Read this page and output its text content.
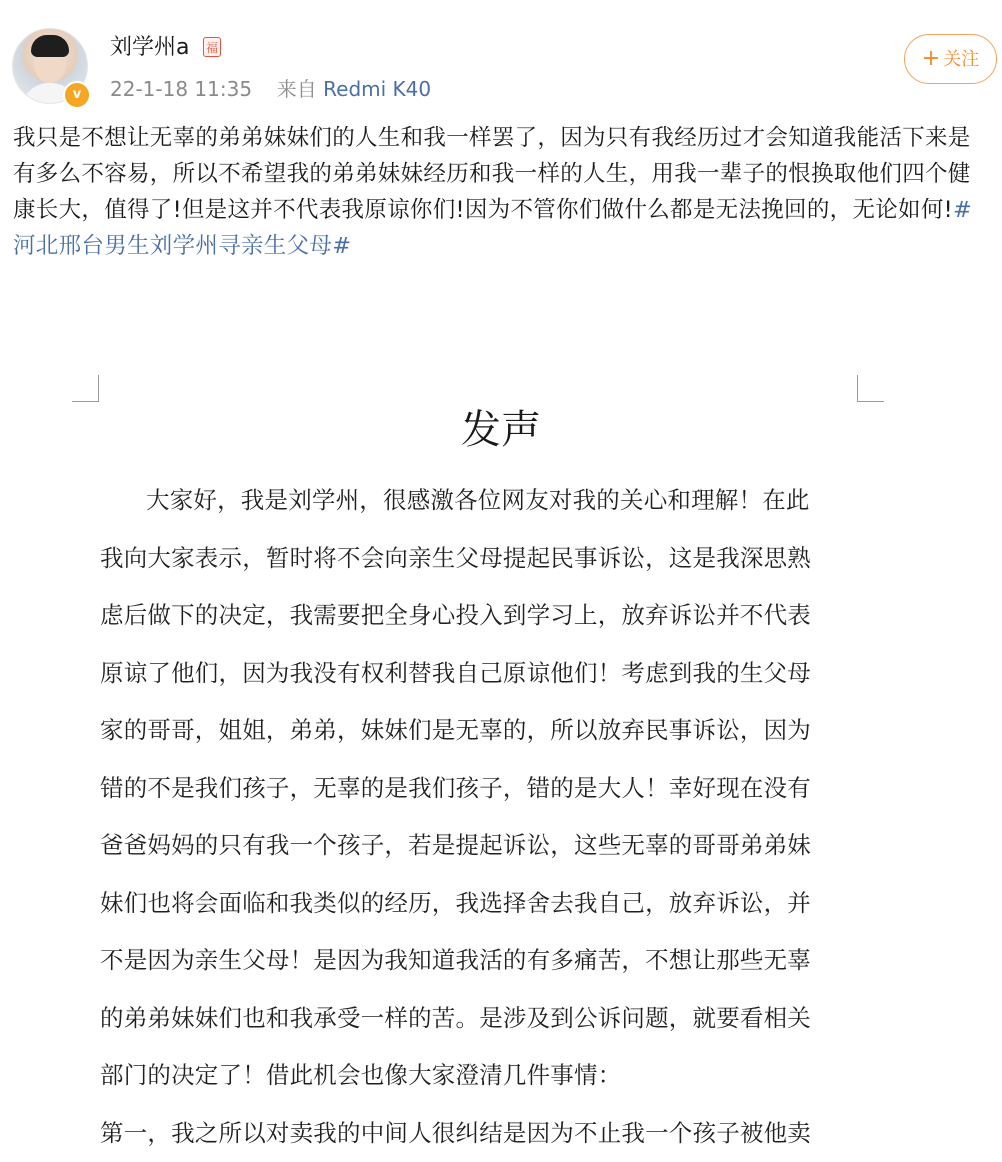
v
刘学州a 福
22-1-18 11:35 来自 Redmi K40
+ 关注
我只是不想让无辜的弟弟妹妹们的人生和我一样罢了，因为只有我经历过才会知道我能活下来是有多么不容易，所以不希望我的弟弟妹妹经历和我一样的人生，用我一辈子的恨换取他们四个健康长大，值得了!但是这并不代表我原谅你们!因为不管你们做什么都是无法挽回的，无论如何!#河北邢台男生刘学州寻亲生父母#
发声
大家好，我是刘学州，很感激各位网友对我的关心和理解！在此
我向大家表示，暂时将不会向亲生父母提起民事诉讼，这是我深思熟
虑后做下的决定，我需要把全身心投入到学习上，放弃诉讼并不代表
原谅了他们，因为我没有权利替我自己原谅他们！考虑到我的生父母
家的哥哥，姐姐，弟弟，妹妹们是无辜的，所以放弃民事诉讼，因为
错的不是我们孩子，无辜的是我们孩子，错的是大人！幸好现在没有
爸爸妈妈的只有我一个孩子，若是提起诉讼，这些无辜的哥哥弟弟妹
妹们也将会面临和我类似的经历，我选择舍去我自己，放弃诉讼，并
不是因为亲生父母！是因为我知道我活的有多痛苦，不想让那些无辜
的弟弟妹妹们也和我承受一样的苦。是涉及到公诉问题，就要看相关
部门的决定了！借此机会也像大家澄清几件事情：
第一，我之所以对卖我的中间人很纠结是因为不止我一个孩子被他卖
